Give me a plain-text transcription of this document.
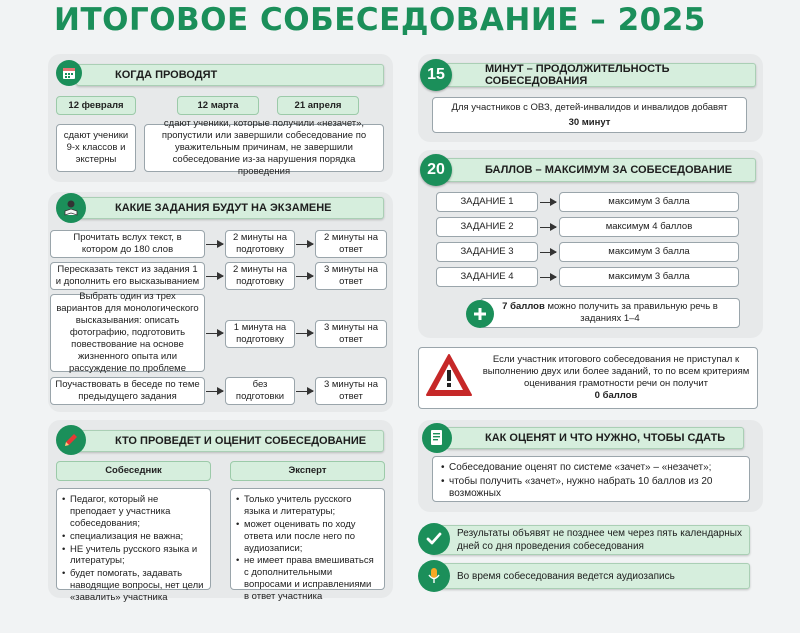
ИТОГОВОЕ СОБЕСЕДОВАНИЕ – 2025
КОГДА ПРОВОДЯТ
12 февраля	12 марта	21 апреля
сдают ученики 9-х классов и экстерны
сдают ученики, которые получили «незачет», пропустили или завершили собеседование по уважительным причинам, не завершили собеседование из-за нарушения порядка проведения
КАКИЕ ЗАДАНИЯ БУДУТ НА ЭКЗАМЕНЕ
Прочитать вслух текст, в котором до 180 слов
2 минуты на подготовку
2 минуты на ответ
Пересказать текст из задания 1 и дополнить его высказыванием
2 минуты на подготовку
3 минуты на ответ
Выбрать один из трех вариантов для монологического высказывания: описать фотографию, подготовить повествование на основе жизненного опыта или рассуждение по проблеме
1 минута на подготовку
3 минуты на ответ
Поучаствовать в беседе по теме предыдущего задания
без подготовки
3 минуты на ответ
КТО ПРОВЕДЕТ И ОЦЕНИТ СОБЕСЕДОВАНИЕ
Собеседник	Эксперт
• Педагог, который не преподает у участника собеседования;
• специализация не важна;
• НЕ учитель русского языка и литературы;
• будет помогать, задавать наводящие вопросы, нет цели «завалить» участника
• Только учитель русского языка и литературы;
• может оценивать по ходу ответа или после него по аудиозаписи;
• не имеет права вмешиваться с дополнительными вопросами и исправлениями в ответ участника
МИНУТ – ПРОДОЛЖИТЕЛЬНОСТЬ СОБЕСЕДОВАНИЯ
15
Для участников с ОВЗ, детей-инвалидов и инвалидов добавят
30 минут
БАЛЛОВ – МАКСИМУМ ЗА СОБЕСЕДОВАНИЕ
20
ЗАДАНИЕ 1	максимум 3 балла
ЗАДАНИЕ 2	максимум 4 баллов
ЗАДАНИЕ 3	максимум 3 балла
ЗАДАНИЕ 4	максимум 3 балла
7 баллов можно получить за правильную речь в заданиях 1–4
Если участник итогового собеседования не приступал к выполнению двух или более заданий, то по всем критериям оценивания грамотности речи он получит
0 баллов
КАК ОЦЕНЯТ И ЧТО НУЖНО, ЧТОБЫ СДАТЬ
• Собеседование оценят по системе «зачет» – «незачет»;
• чтобы получить «зачет», нужно набрать 10 баллов из 20 возможных
Результаты объявят не позднее чем через пять календарных дней со дня проведения собеседования
Во время собеседования ведется аудиозапись
